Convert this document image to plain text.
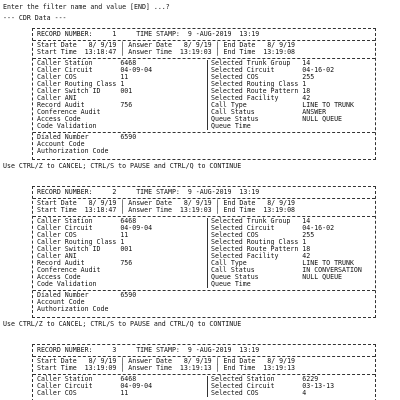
Enter the filter name and value [END] ...?
--- CDR Data ---
RECORD NUMBER:     1     TIME STAMP:  9 -AUG-2019  13:19
Start Date   8/ 9/19 | Answer Date   8/ 9/19 | End Date   8/ 9/19
Start Time  13:18:47 | Answer Time  13:19:03 | End Time  13:19:08
Caller Station       6468
Caller Circuit       04-09-04
Caller COS           11
Caller Routing Class 1
Caller Switch ID     001
Caller ANI
Record Audit         756
Conference Audit
Access Code
Code Validation
Selected Trunk Group   14
Selected Circuit       04-16-02
Selected COS           255
Selected Routing Class 1
Selected Route Pattern 18
Selected Facility      42
Call Type              LINE TO TRUNK
Call Status            ANSWER
Queue Status           NULL QUEUE
Queue Time
Dialed Number        6590
Account Code
Authorization Code
Use CTRL/Z to CANCEL; CTRL/S to PAUSE and CTRL/Q to CONTINUE
RECORD NUMBER:     2     TIME STAMP:  9 -AUG-2019  13:19
Start Date   8/ 9/19 | Answer Date   8/ 9/19 | End Date   8/ 9/19
Start Time  13:18:47 | Answer Time  13:19:03 | End Time  13:19:08
Caller Station       6468
Caller Circuit       04-09-04
Caller COS           11
Caller Routing Class 1
Caller Switch ID     001
Caller ANI
Record Audit         756
Conference Audit
Access Code
Code Validation
Selected Trunk Group   14
Selected Circuit       04-16-02
Selected COS           255
Selected Routing Class 1
Selected Route Pattern 18
Selected Facility      42
Call Type              LINE TO TRUNK
Call Status            IN CONVERSATION
Queue Status           NULL QUEUE
Queue Time
Dialed Number        6590
Account Code
Authorization Code
Use CTRL/Z to CANCEL; CTRL/S to PAUSE and CTRL/Q to CONTINUE
RECORD NUMBER:     3     TIME STAMP:  9 -AUG-2019  13:19
Start Date   8/ 9/19 | Answer Date   8/ 9/19 | End Date   8/ 9/19
Start Time  13:19:09 | Answer Time  13:19:13 | End Time  13:19:13
Caller Station       6468
Caller Circuit       04-09-04
Caller COS           11
Selected Station       6229
Selected Circuit       03-13-13
Selected COS           4
